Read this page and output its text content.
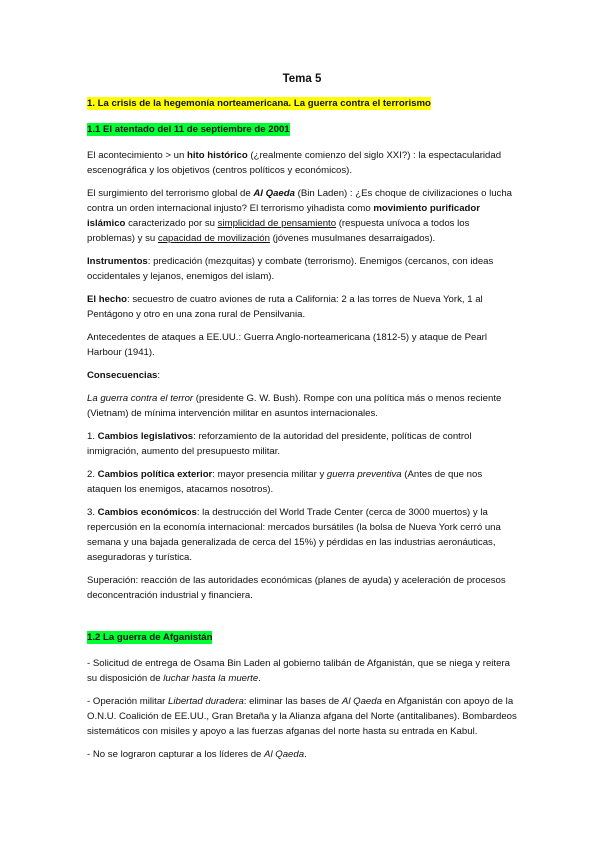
Tema 5
1. La crisis de la hegemonía norteamericana. La guerra contra el terrorismo
1.1 El atentado del 11 de septiembre de 2001

El acontecimiento > un hito histórico (¿realmente comienzo del siglo XXI?) : la espectacularidad escenográfica y los objetivos (centros políticos y económicos).

El surgimiento del terrorismo global de Al Qaeda (Bin Laden) : ¿Es choque de civilizaciones o lucha contra un orden internacional injusto? El terrorismo yihadista como movimiento purificador islámico caracterizado por su simplicidad de pensamiento (respuesta unívoca a todos los problemas) y su capacidad de movilización (jóvenes musulmanes desarraigados).

Instrumentos: predicación (mezquitas) y combate (terrorismo). Enemigos (cercanos, con ideas occidentales y lejanos, enemigos del islam).

El hecho: secuestro de cuatro aviones de ruta a California: 2 a las torres de Nueva York, 1 al Pentágono y otro en una zona rural de Pensilvania.

Antecedentes de ataques a EE.UU.: Guerra Anglo-norteamericana (1812-5) y ataque de Pearl Harbour (1941).

Consecuencias:

La guerra contra el terror (presidente G. W. Bush). Rompe con una política más o menos reciente (Vietnam) de mínima intervención militar en asuntos internacionales.

1. Cambios legislativos: reforzamiento de la autoridad del presidente, políticas de control inmigración, aumento del presupuesto militar.

2. Cambios política exterior: mayor presencia militar y guerra preventiva (Antes de que nos ataquen los enemigos, atacamos nosotros).

3. Cambios económicos: la destrucción del World Trade Center (cerca de 3000 muertos) y la repercusión en la economía internacional: mercados bursátiles (la bolsa de Nueva York cerró una semana y una bajada generalizada de cerca del 15%) y pérdidas en las industrias aeronáuticas, aseguradoras y turística.

Superación: reacción de las autoridades económicas (planes de ayuda) y aceleración de procesos deconcentración industrial y financiera.

1.2 La guerra de Afganistán

- Solicitud de entrega de Osama Bin Laden al gobierno talibán de Afganistán, que se niega y reitera su disposición de luchar hasta la muerte.

- Operación militar Libertad duradera: eliminar las bases de Al Qaeda en Afganistán con apoyo de la O.N.U. Coalición de EE.UU., Gran Bretaña y la Alianza afgana del Norte (antitalibanes). Bombardeos sistemáticos con misiles y apoyo a las fuerzas afganas del norte hasta su entrada en Kabul.

- No se lograron capturar a los líderes de Al Qaeda.
